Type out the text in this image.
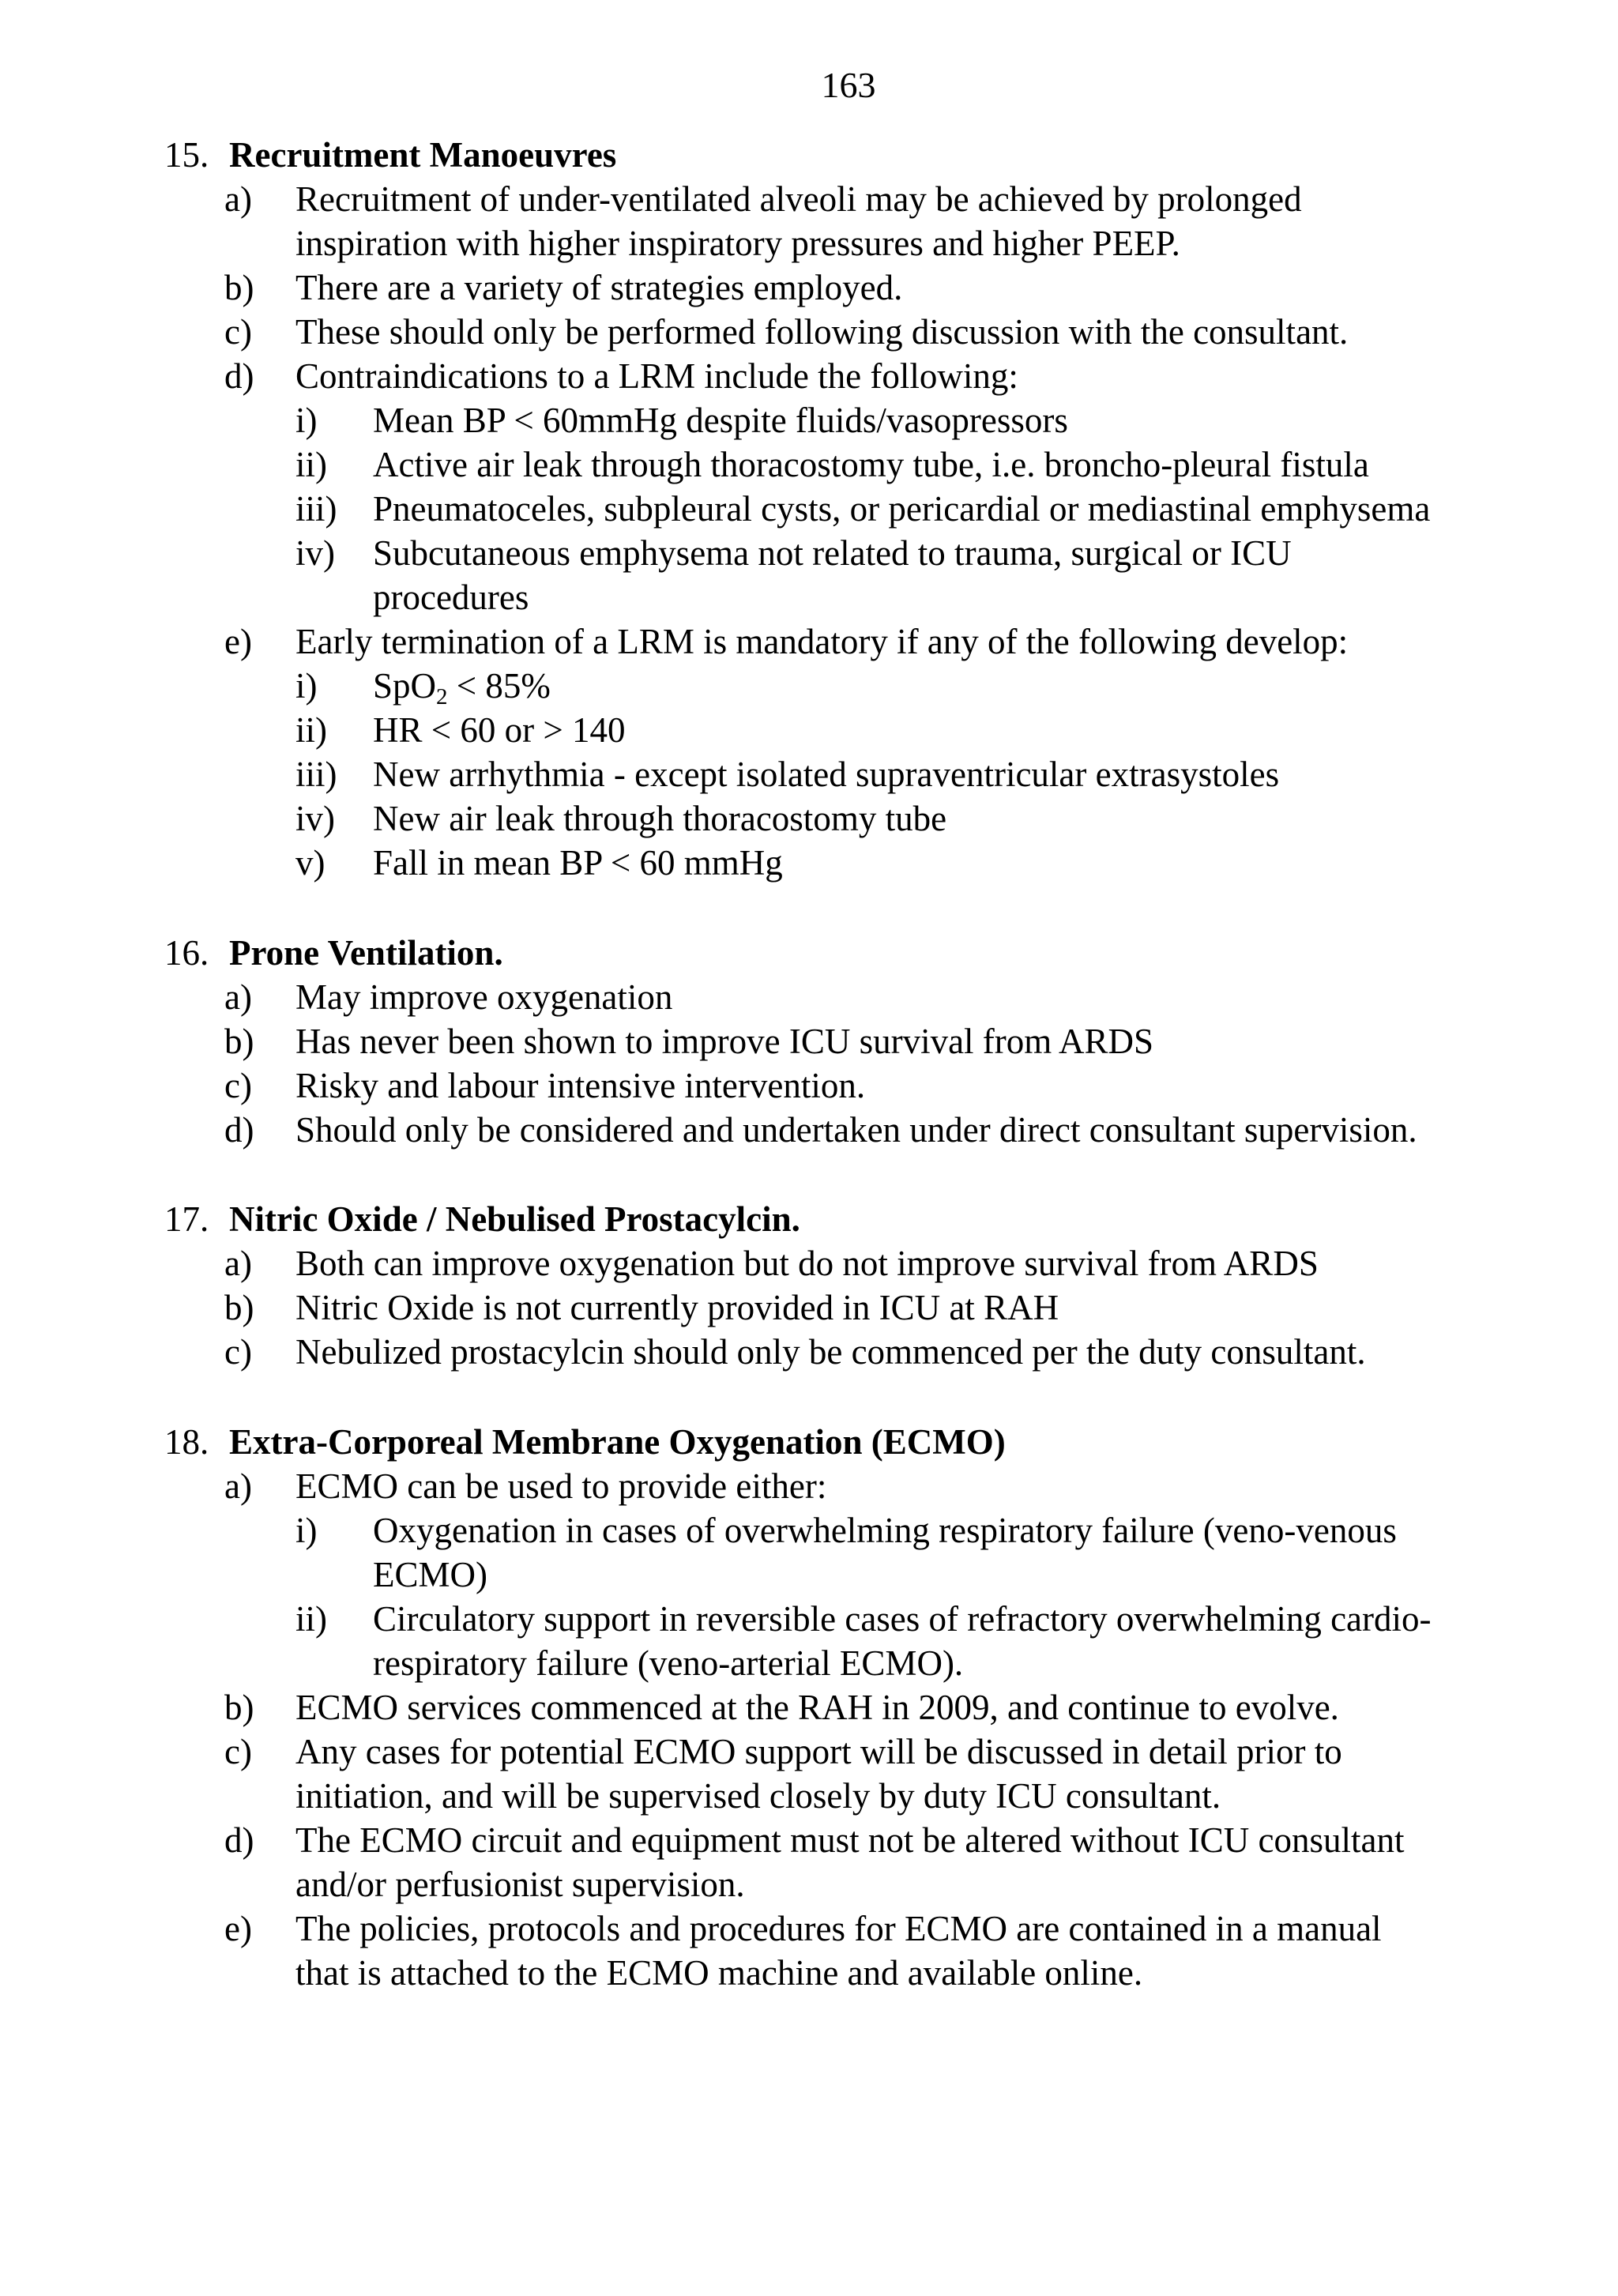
163
15. Recruitment Manoeuvres
a)	Recruitment of under-ventilated alveoli may be achieved by prolonged
inspiration with higher inspiratory pressures and higher PEEP.
b)	There are a variety of strategies employed.
c)	These should only be performed following discussion with the consultant.
d)	Contraindications to a LRM include the following:
i)	Mean BP < 60mmHg despite fluids/vasopressors
ii)	Active air leak through thoracostomy tube, i.e. broncho-pleural fistula
iii)	Pneumatoceles, subpleural cysts, or pericardial or mediastinal emphysema
iv)	Subcutaneous emphysema not related to trauma, surgical or ICU
procedures
e)	Early termination of a LRM is mandatory if any of the following develop:
i)	SpO$_2$ < 85%
ii)	HR < 60 or > 140
iii)	New arrhythmia - except isolated supraventricular extrasystoles
iv)	New air leak through thoracostomy tube
v)	Fall in mean BP < 60 mmHg
16. Prone Ventilation.
a)	May improve oxygenation
b)	Has never been shown to improve ICU survival from ARDS
c)	Risky and labour intensive intervention.
d)	Should only be considered and undertaken under direct consultant supervision.
17. Nitric Oxide / Nebulised Prostacylcin.
a)	Both can improve oxygenation but do not improve survival from ARDS
b)	Nitric Oxide is not currently provided in ICU at RAH
c)	Nebulized prostacylcin should only be commenced per the duty consultant.
18. Extra-Corporeal Membrane Oxygenation (ECMO)
a)	ECMO can be used to provide either:
i)	Oxygenation in cases of overwhelming respiratory failure (veno-venous
ECMO)
ii)	Circulatory support in reversible cases of refractory overwhelming cardio-
respiratory failure (veno-arterial ECMO).
b)	ECMO services commenced at the RAH in 2009, and continue to evolve.
c)	Any cases for potential ECMO support will be discussed in detail prior to
initiation, and will be supervised closely by duty ICU consultant.
d)	The ECMO circuit and equipment must not be altered without ICU consultant
and/or perfusionist supervision.
e)	The policies, protocols and procedures for ECMO are contained in a manual
that is attached to the ECMO machine and available online.
